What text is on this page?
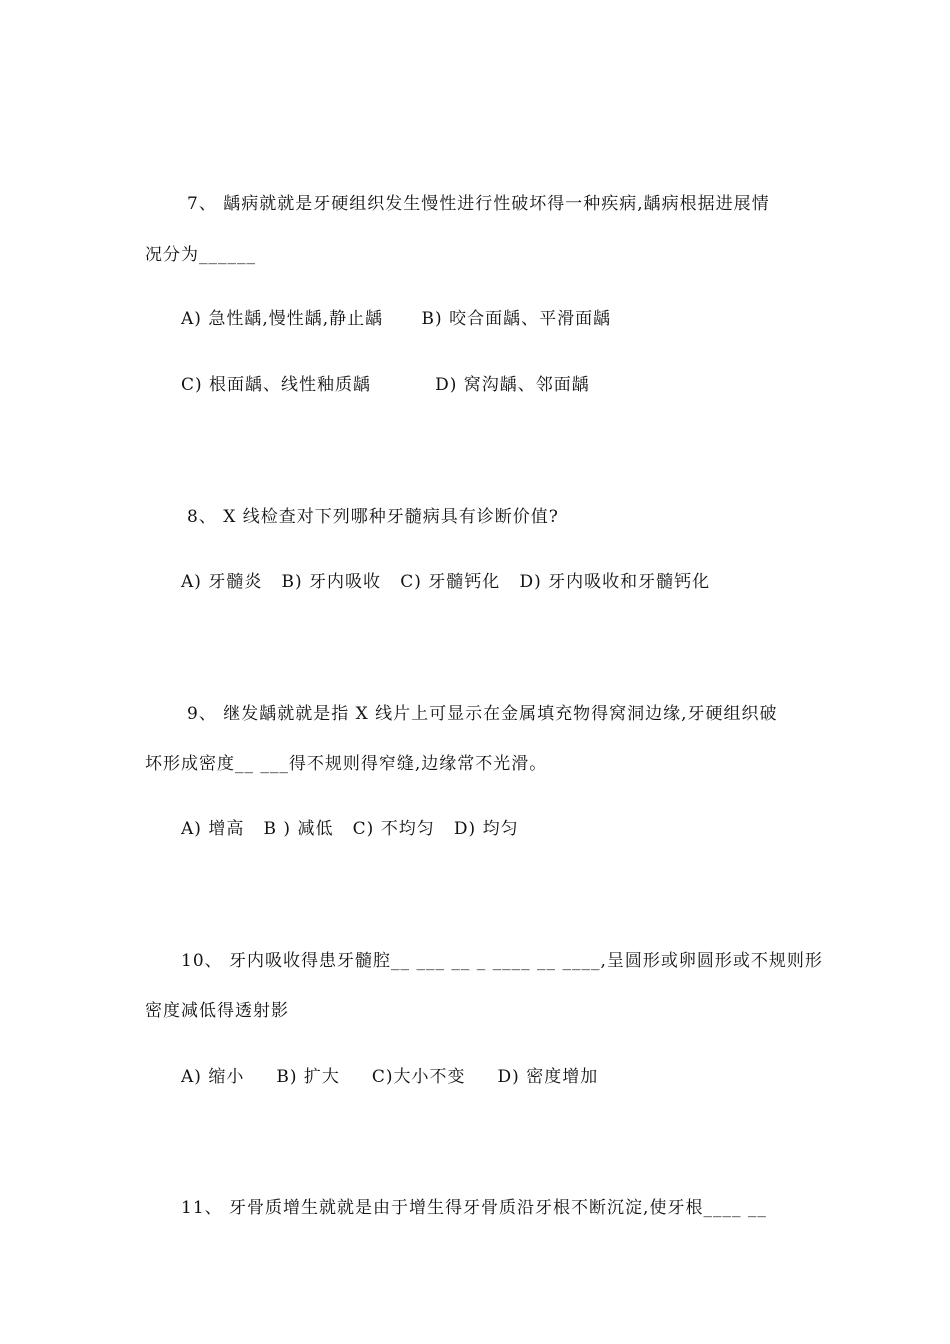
7、 龋病就就是牙硬组织发生慢性进行性破坏得一种疾病,龋病根据进展情
况分为______
A) 急性龋,慢性龋,静止龋      B) 咬合面龋、平滑面龋
C) 根面龋、线性釉质龋          D) 窝沟龋、邻面龋
8、 X 线检查对下列哪种牙髓病具有诊断价值?
A) 牙髓炎   B) 牙内吸收   C) 牙髓钙化   D) 牙内吸收和牙髓钙化
9、 继发龋就就是指 X 线片上可显示在金属填充物得窝洞边缘,牙硬组织破
坏形成密度__ ___得不规则得窄缝,边缘常不光滑。
A) 增高   B ) 减低   C) 不均匀   D) 均匀
10、 牙内吸收得患牙髓腔__ ___ __ _ ____ __ ____,呈圆形或卵圆形或不规则形
密度减低得透射影
A) 缩小     B) 扩大     C)大小不变     D) 密度增加
11、 牙骨质增生就就是由于增生得牙骨质沿牙根不断沉淀,使牙根____ __
